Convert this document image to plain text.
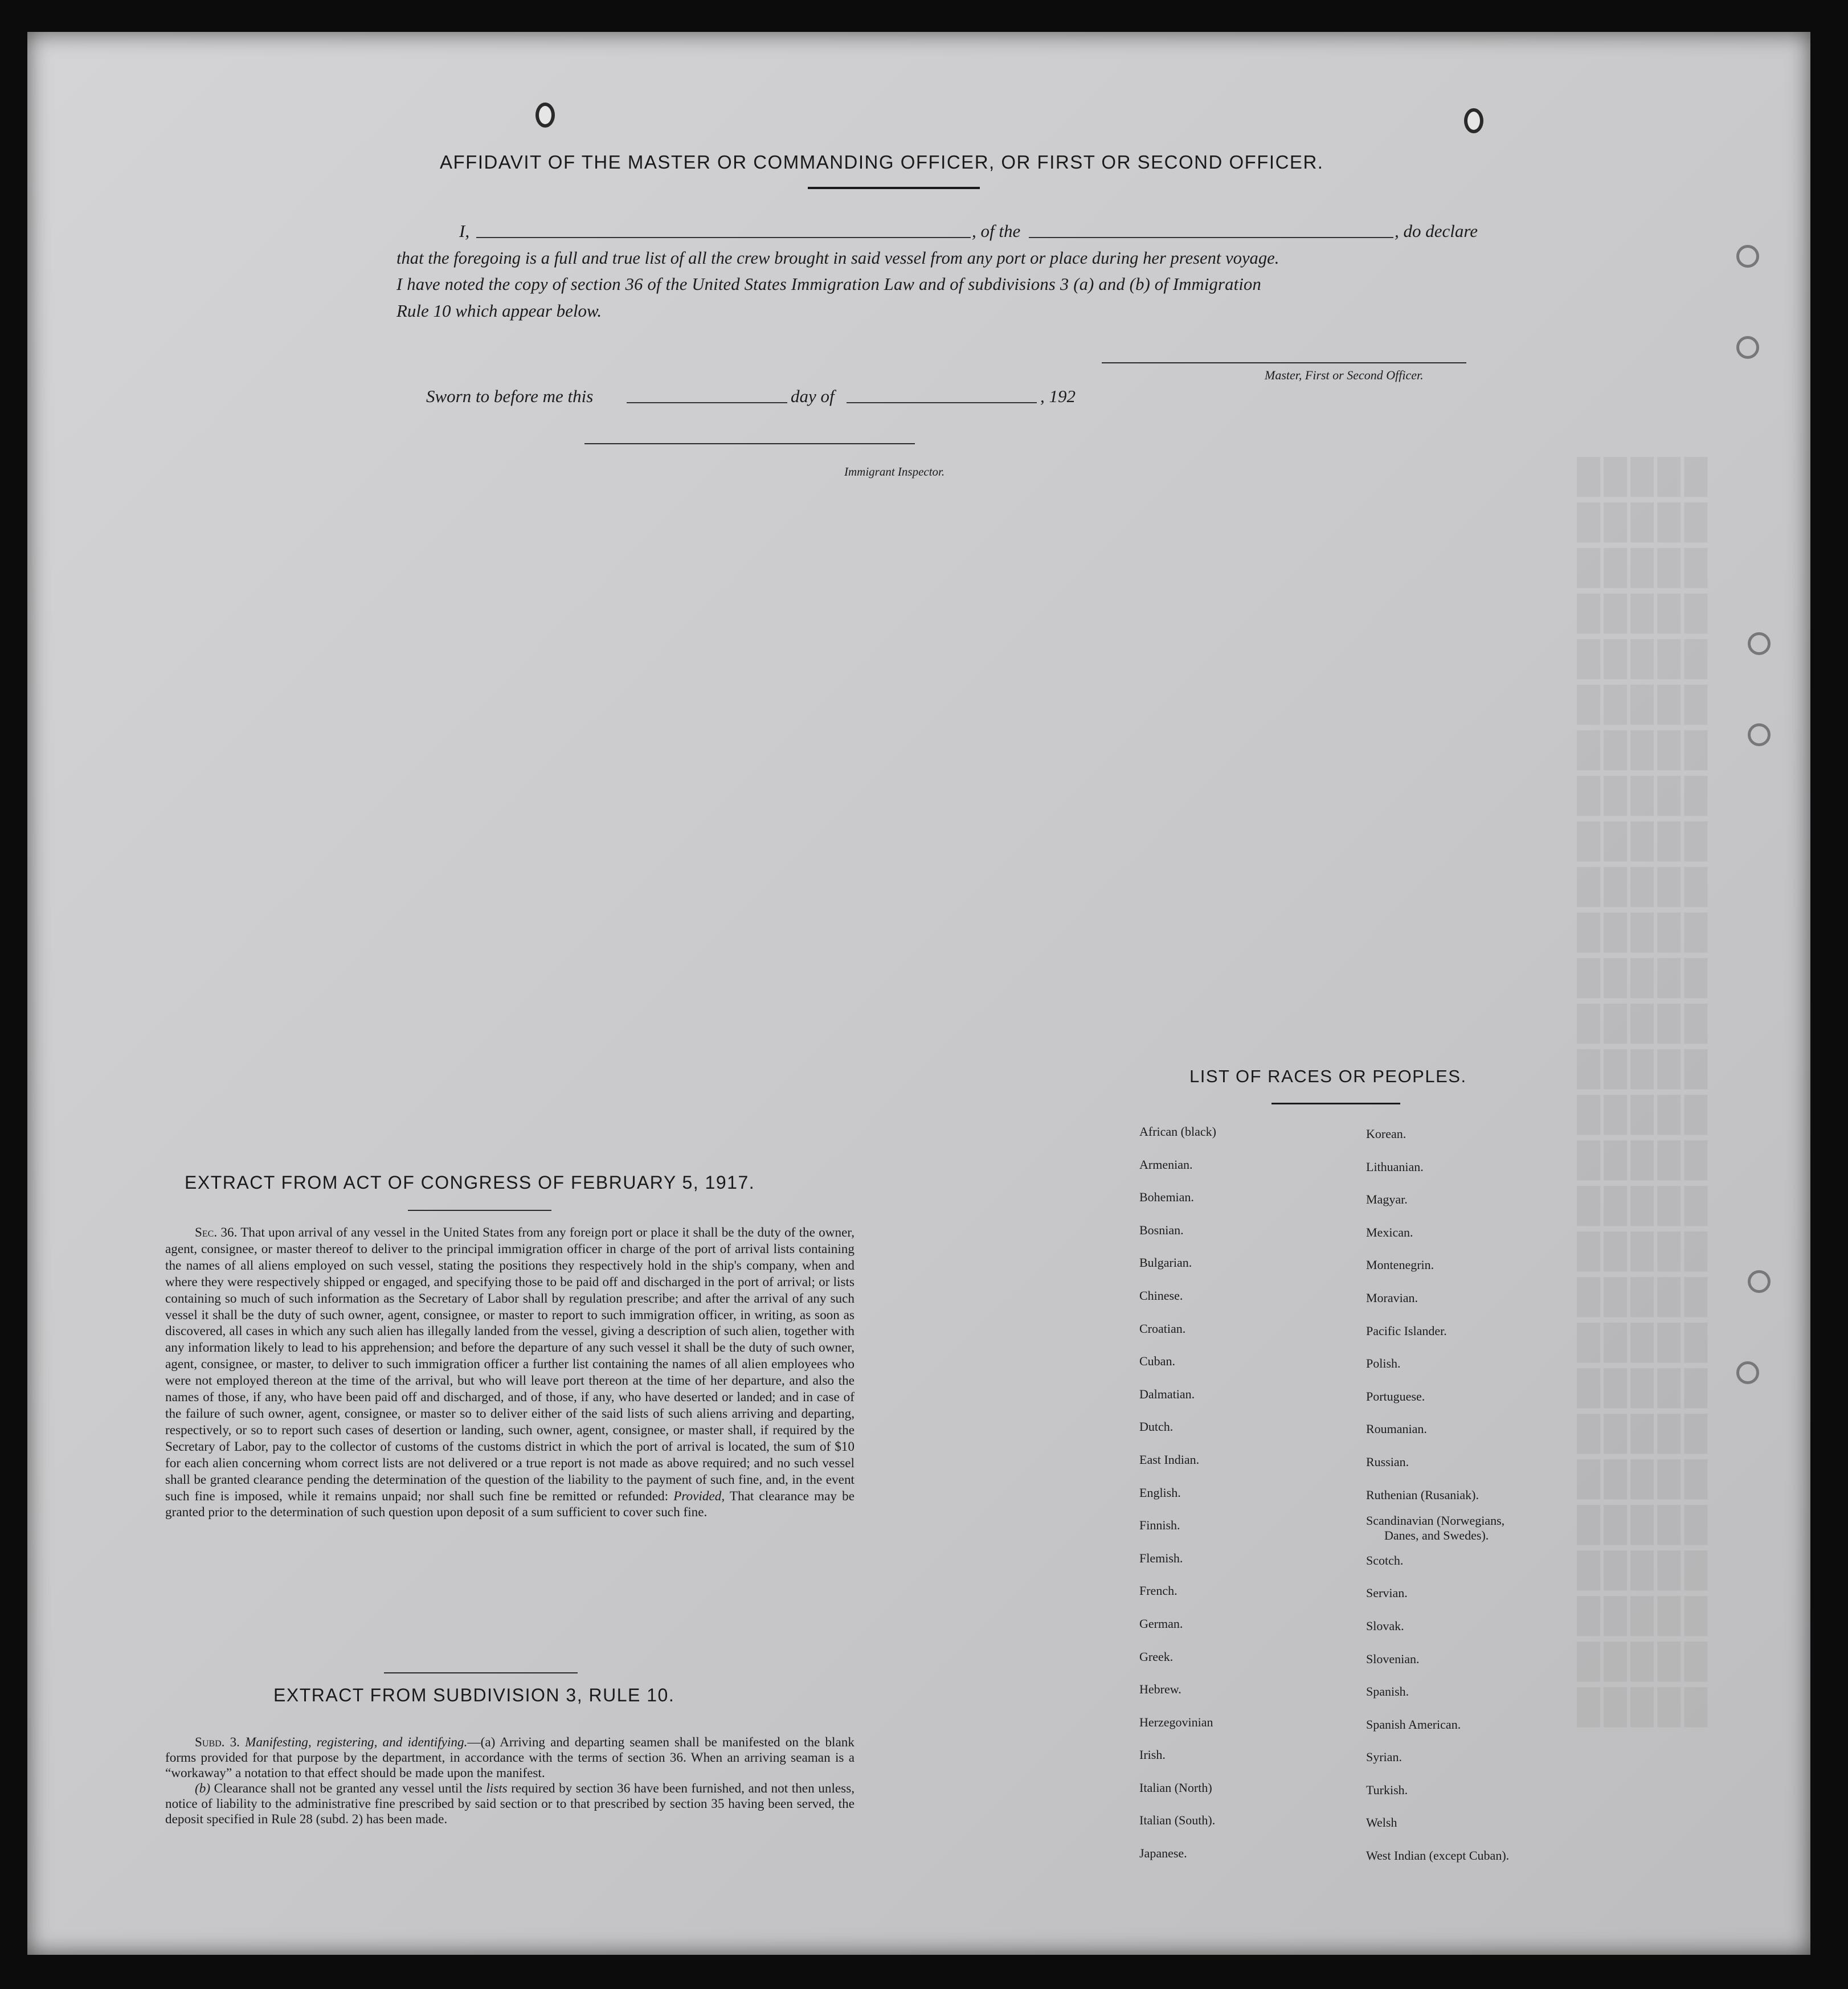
█████
█████
█████
█████
█████
█████
█████
█████
█████
█████
█████
█████
█████
█████
█████
█████
█████
█████
█████
█████
█████
█████
█████
█████
█████
█████
█████
█████
AFFIDAVIT OF THE MASTER OR COMMANDING OFFICER, OR FIRST OR SECOND OFFICER.
I,	, of the	, do declare
that the foregoing is a full and true list of all the crew brought in said vessel from any port or place during her present voyage.
I have noted the copy of section 36 of the United States Immigration Law and of subdivisions 3 (a) and (b) of Immigration
Rule 10 which appear below.
Master, First or Second Officer.
Sworn to before me this	day of	, 192
Immigrant Inspector.
EXTRACT FROM ACT OF CONGRESS OF FEBRUARY 5, 1917.
Sec. 36. That upon arrival of any vessel in the United States from any foreign port or place it shall be the duty of the owner, agent, consignee, or master thereof to deliver to the principal immigration officer in charge of the port of arrival lists containing the names of all aliens employed on such vessel, stating the positions they respectively hold in the ship's company, when and where they were respectively shipped or engaged, and specifying those to be paid off and discharged in the port of arrival; or lists containing so much of such information as the Secretary of Labor shall by regulation prescribe; and after the arrival of any such vessel it shall be the duty of such owner, agent, consignee, or master to report to such immigration officer, in writing, as soon as discovered, all cases in which any such alien has illegally landed from the vessel, giving a description of such alien, together with any information likely to lead to his apprehension; and before the departure of any such vessel it shall be the duty of such owner, agent, consignee, or master, to deliver to such immigration officer a further list containing the names of all alien employees who were not employed thereon at the time of the arrival, but who will leave port thereon at the time of her departure, and also the names of those, if any, who have been paid off and discharged, and of those, if any, who have deserted or landed; and in case of the failure of such owner, agent, consignee, or master so to deliver either of the said lists of such aliens arriving and departing, respectively, or so to report such cases of desertion or landing, such owner, agent, consignee, or master shall, if required by the Secretary of Labor, pay to the collector of customs of the customs district in which the port of arrival is located, the sum of $10 for each alien concerning whom correct lists are not delivered or a true report is not made as above required; and no such vessel shall be granted clearance pending the determination of the question of the liability to the payment of such fine, and, in the event such fine is imposed, while it remains unpaid; nor shall such fine be remitted or refunded: Provided, That clearance may be granted prior to the determination of such question upon deposit of a sum sufficient to cover such fine.
EXTRACT FROM SUBDIVISION 3, RULE 10.
Subd. 3. Manifesting, registering, and identifying.—(a) Arriving and departing seamen shall be manifested on the blank forms provided for that purpose by the department, in accordance with the terms of section 36. When an arriving seaman is a “workaway” a notation to that effect should be made upon the manifest.
(b) Clearance shall not be granted any vessel until the lists required by section 36 have been furnished, and not then unless, notice of liability to the administrative fine prescribed by said section or to that prescribed by section 35 having been served, the deposit specified in Rule 28 (subd. 2) has been made.
LIST OF RACES OR PEOPLES.
African (black)
Armenian.
Bohemian.
Bosnian.
Bulgarian.
Chinese.
Croatian.
Cuban.
Dalmatian.
Dutch.
East Indian.
English.
Finnish.
Flemish.
French.
German.
Greek.
Hebrew.
Herzegovinian
Irish.
Italian (North)
Italian (South).
Japanese.
Korean.
Lithuanian.
Magyar.
Mexican.
Montenegrin.
Moravian.
Pacific Islander.
Polish.
Portuguese.
Roumanian.
Russian.
Ruthenian (Rusaniak).
Scandinavian (Norwegians,
Danes, and Swedes).
Scotch.
Servian.
Slovak.
Slovenian.
Spanish.
Spanish American.
Syrian.
Turkish.
Welsh
West Indian (except Cuban).
